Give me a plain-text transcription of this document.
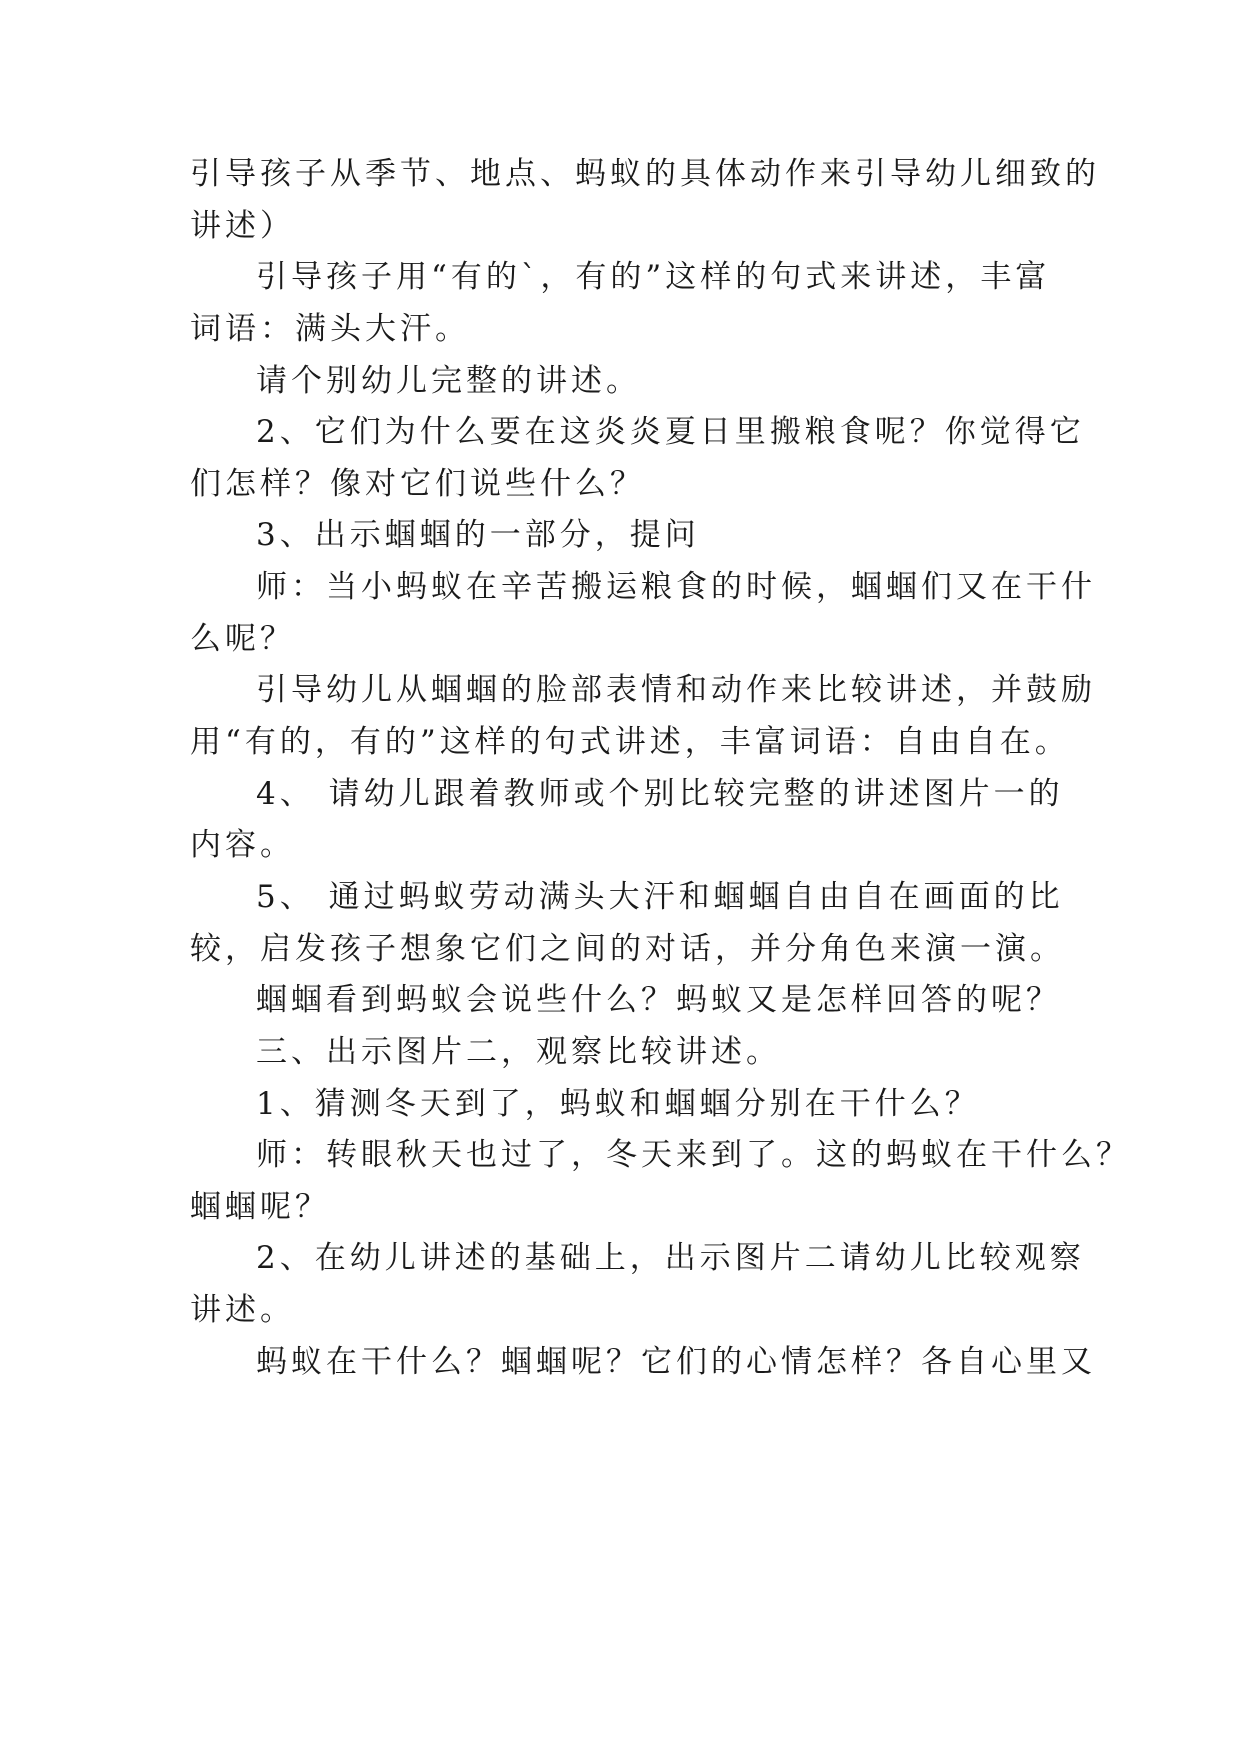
引导孩子从季节、地点、蚂蚁的具体动作来引导幼儿细致的
讲述）
引导孩子用“有的`，有的”这样的句式来讲述，丰富
词语：满头大汗。
请个别幼儿完整的讲述。
2、它们为什么要在这炎炎夏日里搬粮食呢？你觉得它
们怎样？像对它们说些什么？
3、出示蝈蝈的一部分，提问
师：当小蚂蚁在辛苦搬运粮食的时候，蝈蝈们又在干什
么呢？
引导幼儿从蝈蝈的脸部表情和动作来比较讲述，并鼓励
用“有的，有的”这样的句式讲述，丰富词语：自由自在。
4、 请幼儿跟着教师或个别比较完整的讲述图片一的
内容。
5、 通过蚂蚁劳动满头大汗和蝈蝈自由自在画面的比
较，启发孩子想象它们之间的对话，并分角色来演一演。
蝈蝈看到蚂蚁会说些什么？蚂蚁又是怎样回答的呢？
三、出示图片二，观察比较讲述。
1、猜测冬天到了，蚂蚁和蝈蝈分别在干什么？
师：转眼秋天也过了，冬天来到了。这的蚂蚁在干什么？
蝈蝈呢？
2、在幼儿讲述的基础上，出示图片二请幼儿比较观察
讲述。
蚂蚁在干什么？蝈蝈呢？它们的心情怎样？各自心里又
